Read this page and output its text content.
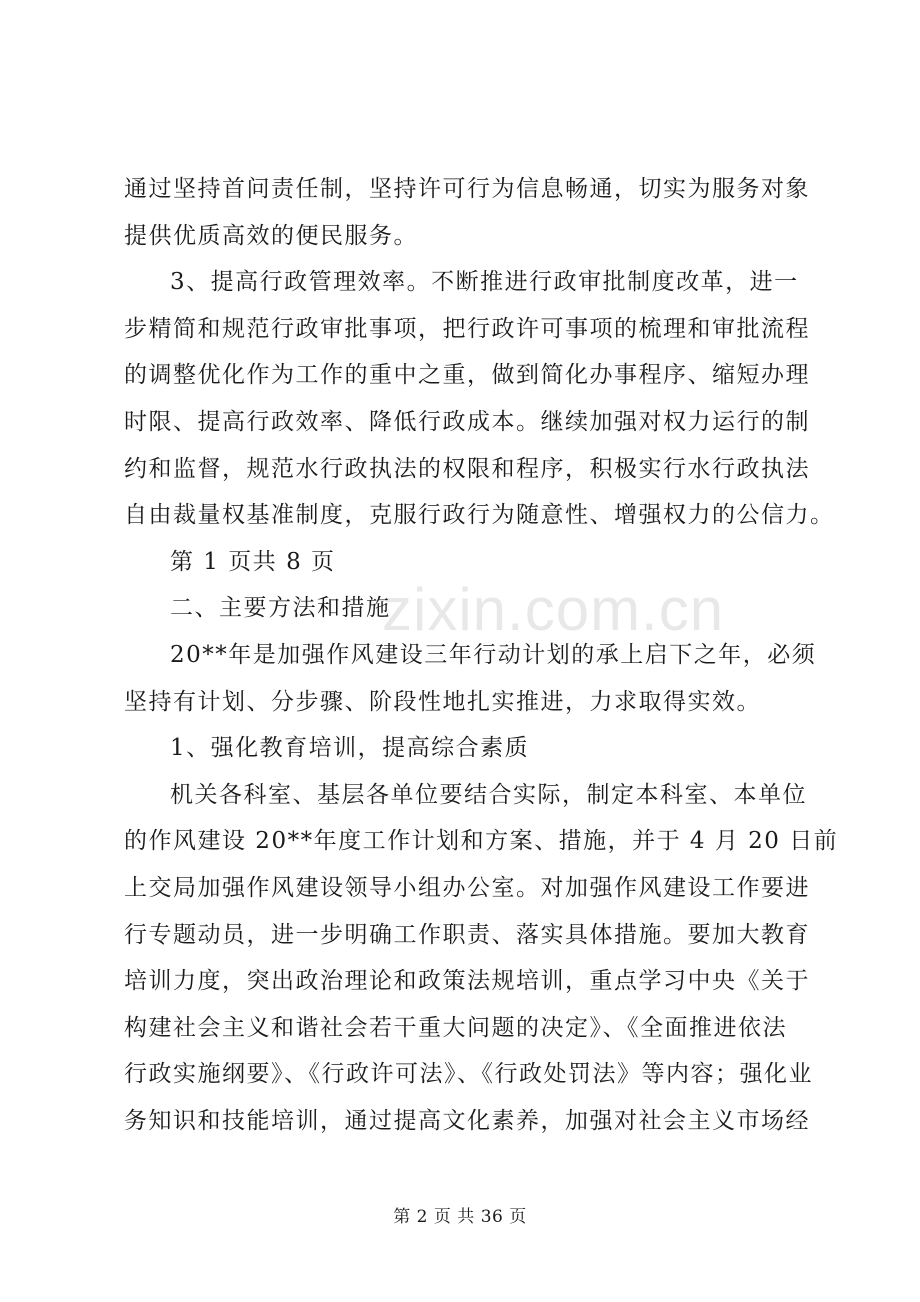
通过坚持首问责任制，坚持许可行为信息畅通，切实为服务对象
提供优质高效的便民服务。
3、提高行政管理效率。不断推进行政审批制度改革，进一
步精简和规范行政审批事项，把行政许可事项的梳理和审批流程
的调整优化作为工作的重中之重，做到简化办事程序、缩短办理
时限、提高行政效率、降低行政成本。继续加强对权力运行的制
约和监督，规范水行政执法的权限和程序，积极实行水行政执法
自由裁量权基准制度，克服行政行为随意性、增强权力的公信力。
第 1 页共 8 页
二、主要方法和措施
20**年是加强作风建设三年行动计划的承上启下之年，必须
坚持有计划、分步骤、阶段性地扎实推进，力求取得实效。
1、强化教育培训，提高综合素质
机关各科室、基层各单位要结合实际，制定本科室、本单位
的作风建设 20**年度工作计划和方案、措施，并于 4 月 20 日前
上交局加强作风建设领导小组办公室。对加强作风建设工作要进
行专题动员，进一步明确工作职责、落实具体措施。要加大教育
培训力度，突出政治理论和政策法规培训，重点学习中央《关于
构建社会主义和谐社会若干重大问题的决定》、《全面推进依法
行政实施纲要》、《行政许可法》、《行政处罚法》等内容；强化业
务知识和技能培训，通过提高文化素养，加强对社会主义市场经
zixin.com.cn
第 2 页 共 36 页
